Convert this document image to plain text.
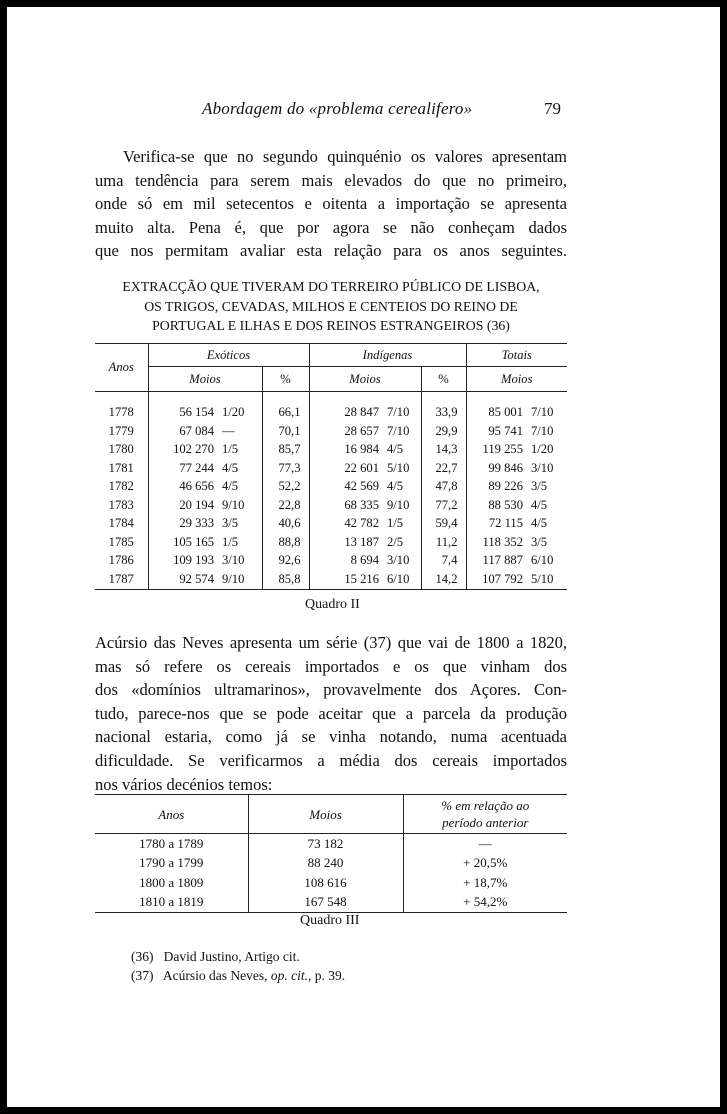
Abordagem do «problema cerealifero»	79
Verifica-se que no segundo quinquénio os valores apresentam
uma tendência para serem mais elevados do que no primeiro,
onde só em mil setecentos e oitenta a importação se apresenta
muito alta. Pena é, que por agora se não conheçam dados
que nos permitam avaliar esta relação para os anos seguintes.
EXTRACÇÃO QUE TIVERAM DO TERREIRO PÚBLICO DE LISBOA,
OS TRIGOS, CEVADAS, MILHOS E CENTEIOS DO REINO DE
PORTUGAL E ILHAS E DOS REINOS ESTRANGEIROS (36)
Anos	Exóticos			Indígenas			Totais	
	Moios		%	Moios		%	Moios	

1778	56 154	1/20	66,1	28 847	7/10	33,9	85 001	7/10
1779	67 084	—	70,1	28 657	7/10	29,9	95 741	7/10
1780	102 270	1/5	85,7	16 984	4/5	14,3	119 255	1/20
1781	77 244	4/5	77,3	22 601	5/10	22,7	99 846	3/10
1782	46 656	4/5	52,2	42 569	4/5	47,8	89 226	3/5
1783	20 194	9/10	22,8	68 335	9/10	77,2	88 530	4/5
1784	29 333	3/5	40,6	42 782	1/5	59,4	72 115	4/5
1785	105 165	1/5	88,8	13 187	2/5	11,2	118 352	3/5
1786	109 193	3/10	92,6	8 694	3/10	7,4	117 887	6/10
1787	92 574	9/10	85,8	15 216	6/10	14,2	107 792	5/10
Quadro II
Acúrsio das Neves apresenta um série (37) que vai de 1800 a 1820,
mas só refere os cereais importados e os que vinham dos
dos «domínios ultramarinos», provavelmente dos Açores. Con-
tudo, parece-nos que se pode aceitar que a parcela da produção
nacional estaria, como já se vinha notando, numa acentuada
dificuldade. Se verificarmos a média dos cereais importados
nos vários decénios temos:
Anos	Moios	% em relação ao
período anterior
1780 a 1789	73 182	—
1790 a 1799	88 240	+ 20,5%
1800 a 1809	108 616	+ 18,7%
1810 a 1819	167 548	+ 54,2%
Quadro III
(36) David Justino, Artigo cit.
(37) Acúrsio das Neves, op. cit., p. 39.
